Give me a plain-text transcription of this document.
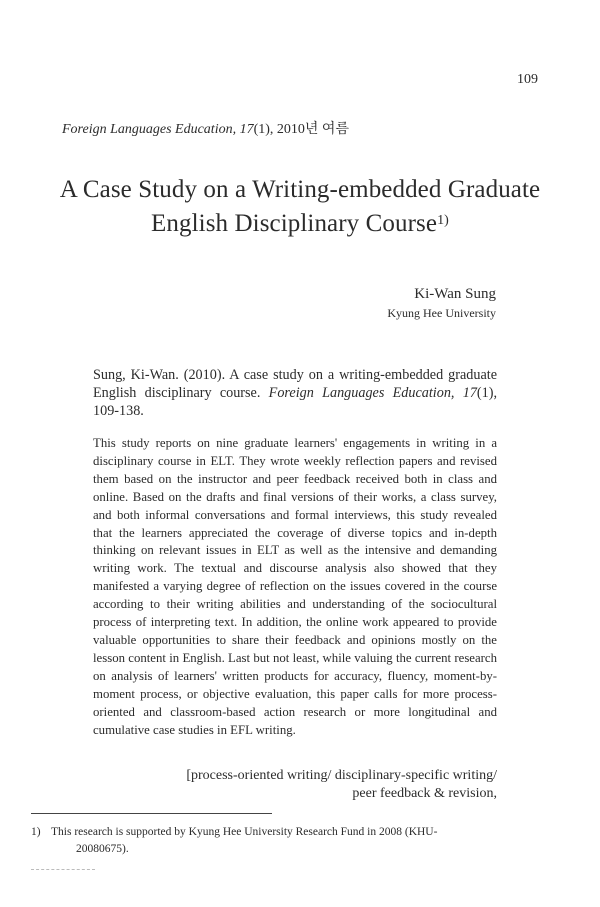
109
Foreign Languages Education, 17(1), 2010년 여름
A Case Study on a Writing-embedded Graduate
English Disciplinary Course$^{1)}$
Ki-Wan Sung
Kyung Hee University
Sung, Ki-Wan. (2010). A case study on a writing-embedded graduate English disciplinary course. Foreign Languages Education, 17(1), 109-138.

This study reports on nine graduate learners' engagements in writing in a disciplinary course in ELT. They wrote weekly reflection papers and revised them based on the instructor and peer feedback received both in class and online. Based on the drafts and final versions of their works, a class survey, and both informal conversations and formal interviews, this study revealed that the learners appreciated the coverage of diverse topics and in-depth thinking on relevant issues in ELT as well as the intensive and demanding writing work. The textual and discourse analysis also showed that they manifested a varying degree of reflection on the issues covered in the course according to their writing abilities and understanding of the sociocultural process of interpreting text. In addition, the online work appeared to provide valuable opportunities to share their feedback and opinions mostly on the lesson content in English. Last but not least, while valuing the current research on analysis of learners' written products for accuracy, fluency, moment-by-moment process, or objective evaluation, this paper calls for more process-oriented and classroom-based action research or more longitudinal and cumulative case studies in EFL writing.

[process-oriented writing/ disciplinary-specific writing/
peer feedback & revision,
1) This research is supported by Kyung Hee University Research Fund in 2008 (KHU-
20080675).
